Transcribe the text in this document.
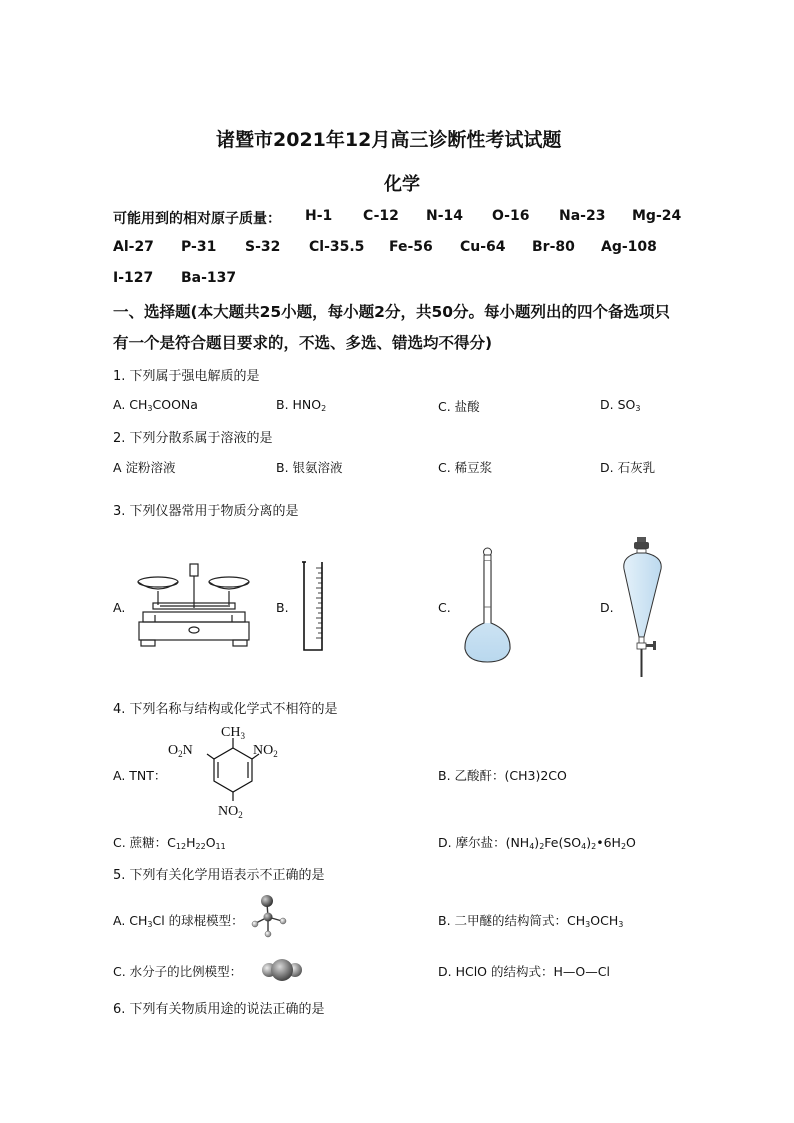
诸暨市2021年12月高三诊断性考试试题
化学
可能用到的相对原子质量： H-1 C-12 N-14 O-16 Na-23 Mg-24
Al-27 P-31 S-32 Cl-35.5 Fe-56 Cu-64 Br-80 Ag-108
I-127 Ba-137
一、选择题(本大题共25小题，每小题2分，共50分。每小题列出的四个备选项只
有一个是符合题目要求的，不选、多选、错选均不得分)
1. 下列属于强电解质的是
A. $CH_3COONa$	B. $HNO_2$	C. 盐酸	D. $SO_3$
2. 下列分散系属于溶液的是
A 淀粉溶液	B. 银氨溶液	C. 稀豆浆	D. 石灰乳
3. 下列仪器常用于物质分离的是
A.	B.	C.	D.
4. 下列名称与结构或化学式不相符的是
A. TNT：
$CH_3$
$NO_2$
$O_2N$
$NO_2$
B. 乙酸酐：(CH3)2CO
C. 蔗糖：$C_{12}H_{22}O_{11}$	D. 摩尔盐：$(NH_4)_2Fe(SO_4)_2•6H_2O$
5. 下列有关化学用语表示不正确的是
A. $CH_3Cl$ 的球棍模型：	B. 二甲醚的结构简式：$CH_3OCH_3$
C. 水分子的比例模型：	D. HClO 的结构式：H—O—Cl
6. 下列有关物质用途的说法正确的是
